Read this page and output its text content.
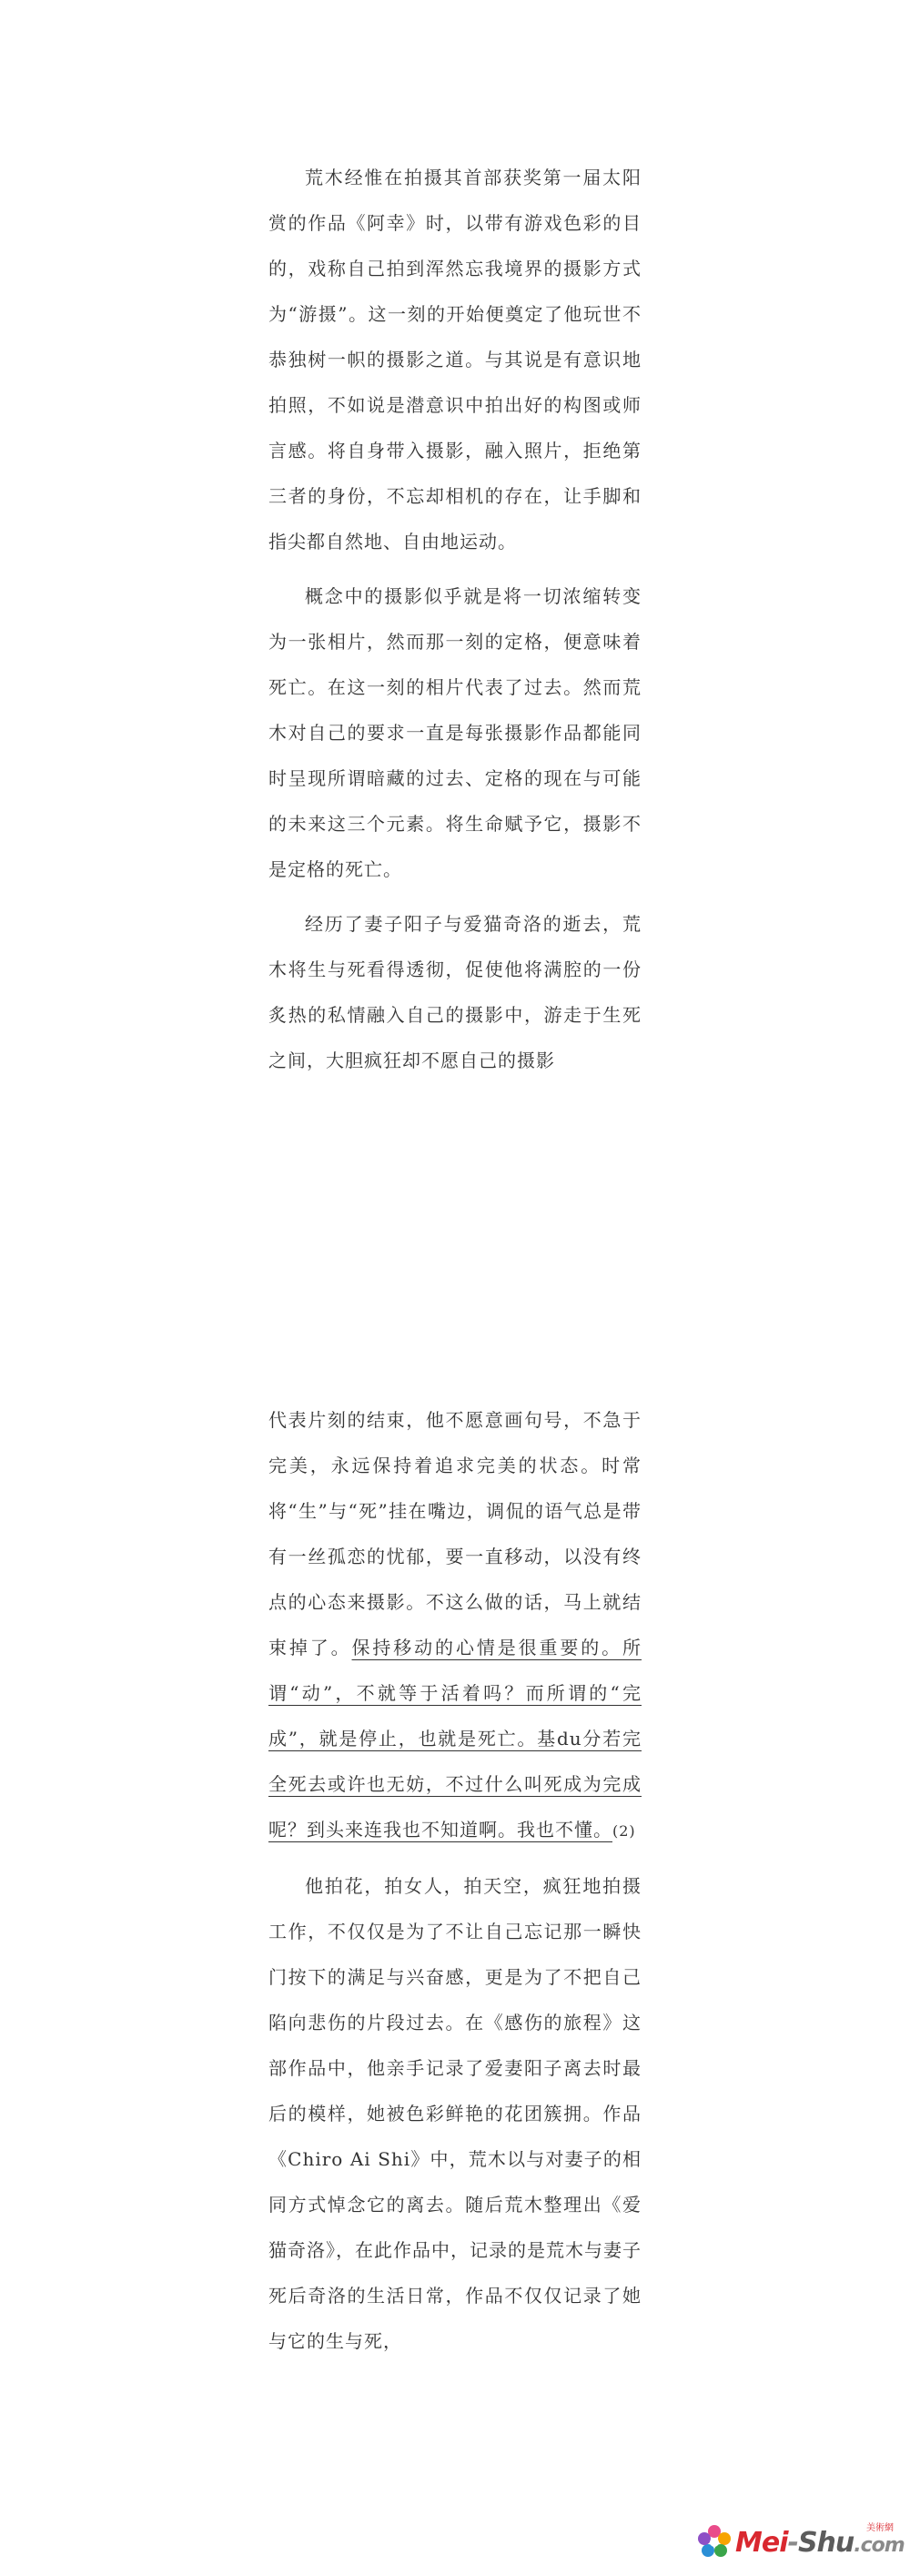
荒木经惟在拍摄其首部获奖第一届太阳赏的作品《阿幸》时，以带有游戏色彩的目的，戏称自己拍到浑然忘我境界的摄影方式为“游摄”。这一刻的开始便奠定了他玩世不恭独树一帜的摄影之道。与其说是有意识地拍照，不如说是潜意识中拍出好的构图或师言感。将自身带入摄影，融入照片，拒绝第三者的身份，不忘却相机的存在，让手脚和指尖都自然地、自由地运动。

概念中的摄影似乎就是将一切浓缩转变为一张相片，然而那一刻的定格，便意味着死亡。在这一刻的相片代表了过去。然而荒木对自己的要求一直是每张摄影作品都能同时呈现所谓暗藏的过去、定格的现在与可能的未来这三个元素。将生命赋予它，摄影不是定格的死亡。

经历了妻子阳子与爱猫奇洛的逝去，荒木将生与死看得透彻，促使他将满腔的一份炙热的私情融入自己的摄影中，游走于生死之间，大胆疯狂却不愿自己的摄影

代表片刻的结束，他不愿意画句号，不急于完美，永远保持着追求完美的状态。时常将“生”与“死”挂在嘴边，调侃的语气总是带有一丝孤恋的忧郁，要一直移动，以没有终点的心态来摄影。不这么做的话，马上就结束掉了。保持移动的心情是很重要的。所谓“动”，不就等于活着吗？而所谓的“完成”，就是停止，也就是死亡。基du分若完全死去或许也无妨，不过什么叫死成为完成呢？到头来连我也不知道啊。我也不懂。(2)

他拍花，拍女人，拍天空，疯狂地拍摄工作，不仅仅是为了不让自己忘记那一瞬快门按下的满足与兴奋感，更是为了不把自己陷向悲伤的片段过去。在《感伤的旅程》这部作品中，他亲手记录了爱妻阳子离去时最后的模样，她被色彩鲜艳的花团簇拥。作品《Chiro Ai Shi》中，荒木以与对妻子的相同方式悼念它的离去。随后荒木整理出《爱猫奇洛》，在此作品中，记录的是荒木与妻子死后奇洛的生活日常，作品不仅仅记录了她与它的生与死，

Mei-Shu.com
美術網
